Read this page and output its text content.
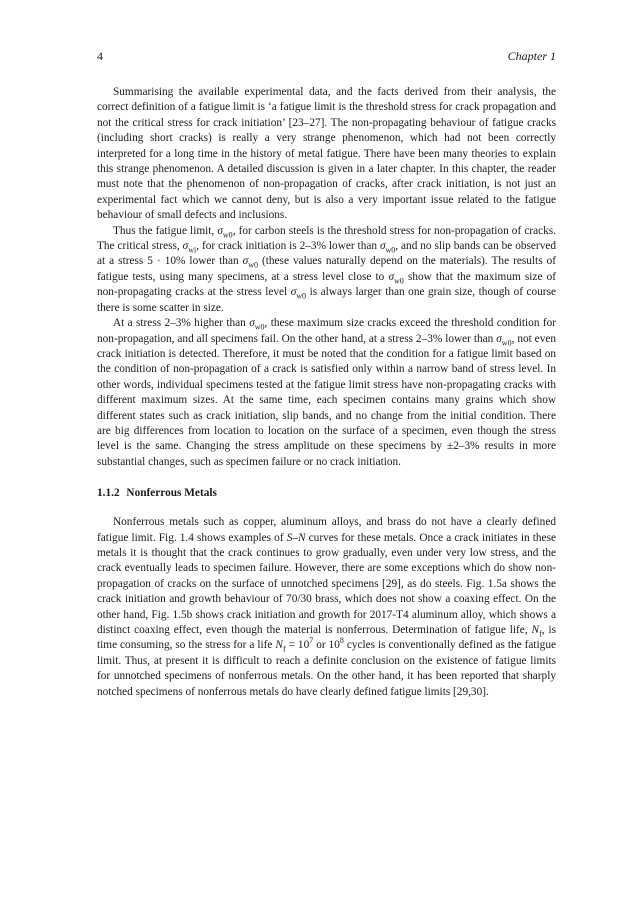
4	Chapter 1

Summarising the available experimental data, and the facts derived from their analysis, the correct definition of a fatigue limit is ‘a fatigue limit is the threshold stress for crack propagation and not the critical stress for crack initiation’ [23–27]. The non-propagating behaviour of fatigue cracks (including short cracks) is really a very strange phenomenon, which had not been correctly interpreted for a long time in the history of metal fatigue. There have been many theories to explain this strange phenomenon. A detailed discussion is given in a later chapter. In this chapter, the reader must note that the phenomenon of non-propagation of cracks, after crack initiation, is not just an experimental fact which we cannot deny, but is also a very important issue related to the fatigue behaviour of small defects and inclusions.

Thus the fatigue limit, $\sigma_{w0}$, for carbon steels is the threshold stress for non-propagation of cracks. The critical stress, $\sigma_{wi}$, for crack initiation is 2–3% lower than $\sigma_{w0}$, and no slip bands can be observed at a stress 5 · 10% lower than $\sigma_{w0}$ (these values naturally depend on the materials). The results of fatigue tests, using many specimens, at a stress level close to $\sigma_{w0}$ show that the maximum size of non-propagating cracks at the stress level $\sigma_{w0}$ is always larger than one grain size, though of course there is some scatter in size.

At a stress 2–3% higher than $\sigma_{w0}$, these maximum size cracks exceed the threshold condition for non-propagation, and all specimens fail. On the other hand, at a stress 2–3% lower than $\sigma_{w0}$, not even crack initiation is detected. Therefore, it must be noted that the condition for a fatigue limit based on the condition of non-propagation of a crack is satisfied only within a narrow band of stress level. In other words, individual specimens tested at the fatigue limit stress have non-propagating cracks with different maximum sizes. At the same time, each specimen contains many grains which show different states such as crack initiation, slip bands, and no change from the initial condition. There are big differences from location to location on the surface of a specimen, even though the stress level is the same. Changing the stress amplitude on these specimens by ±2–3% results in more substantial changes, such as specimen failure or no crack initiation.

1.1.2 Nonferrous Metals

Nonferrous metals such as copper, aluminum alloys, and brass do not have a clearly defined fatigue limit. Fig. 1.4 shows examples of S–N curves for these metals. Once a crack initiates in these metals it is thought that the crack continues to grow gradually, even under very low stress, and the crack eventually leads to specimen failure. However, there are some exceptions which do show non-propagation of cracks on the surface of unnotched specimens [29], as do steels. Fig. 1.5a shows the crack initiation and growth behaviour of 70/30 brass, which does not show a coaxing effect. On the other hand, Fig. 1.5b shows crack initiation and growth for 2017-T4 aluminum alloy, which shows a distinct coaxing effect, even though the material is nonferrous. Determination of fatigue life, $N_f$, is time consuming, so the stress for a life $N_f = 10^7$ or $10^8$ cycles is conventionally defined as the fatigue limit. Thus, at present it is difficult to reach a definite conclusion on the existence of fatigue limits for unnotched specimens of nonferrous metals. On the other hand, it has been reported that sharply notched specimens of nonferrous metals do have clearly defined fatigue limits [29,30].
